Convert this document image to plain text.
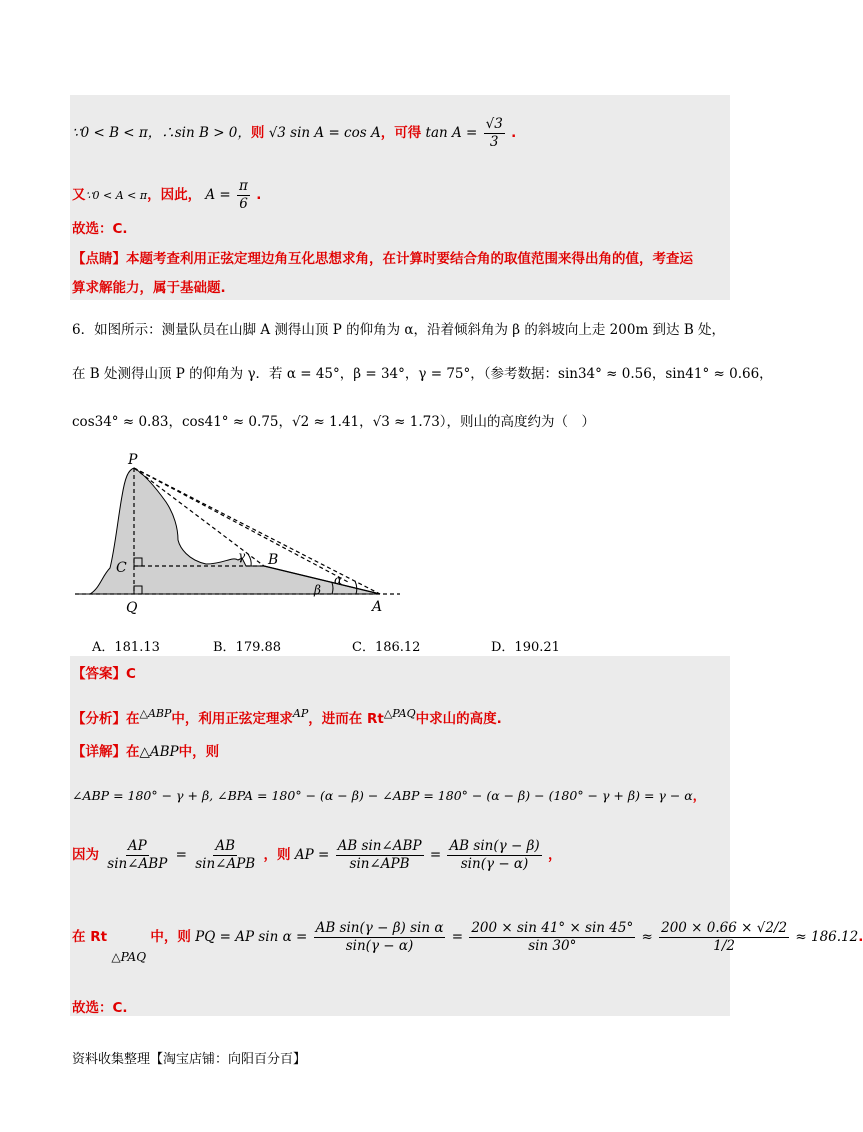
∵0 < B < π，∴sin B > 0，则 √3 sin A = cos A，可得 $\tan A = \frac{√3}{3}$ .
又∵0 < A < π，因此， $A = \frac{\pi}{6}$ .
故选：C.
【点睛】本题考查利用正弦定理边角互化思想求角，在计算时要结合角的取值范围来得出角的值，考查运
算求解能力，属于基础题.
6．如图所示：测量队员在山脚 A 测得山顶 P 的仰角为 α，沿着倾斜角为 β 的斜坡向上走 200m 到达 B 处，
在 B 处测得山顶 P 的仰角为 γ．若 α = 45°，β = 34°，γ = 75°，（参考数据：sin34° ≈ 0.56，sin41° ≈ 0.66，
cos34° ≈ 0.83，cos41° ≈ 0.75，√2 ≈ 1.41，√3 ≈ 1.73），则山的高度约为（　）
P
C
Q
B
A
γ
α
β
A．181.13	B．179.88	C．186.12	D．190.21
【答案】C
【分析】在$^{\triangle ABP}$中，利用正弦定理求$^{AP}$，进而在 $Rt^{\triangle PAQ}$中求山的高度.
【详解】在△ABP中，则
∠ABP = 180° − γ + β, ∠BPA = 180° − (α − β) − ∠ABP = 180° − (α − β) − (180° − γ + β) = γ − α，
因为 $\frac{AP}{\text{sin∠ABP}} = \frac{AB}{\text{sin∠APB}}$ ，则 AP = $\frac{\text{AB sin∠ABP}}{\text{sin∠APB}} = \frac{\text{AB sin(γ − β)}}{\sin(\gamma - \alpha)}$ ，
在 Rt △PAQ 中，则 PQ = AP $\sin \alpha = \frac{\text{AB sin(γ − β) sin α}}{\sin(\gamma - \alpha)} = \frac{200 \times \sin 41^\circ \times \sin 45^\circ}{\sin 30^\circ} \approx \frac{200 \times 0.66 \times √2/2}{1/2} \approx 186.12$.
故选：C.
资料收集整理【淘宝店铺：向阳百分百】
